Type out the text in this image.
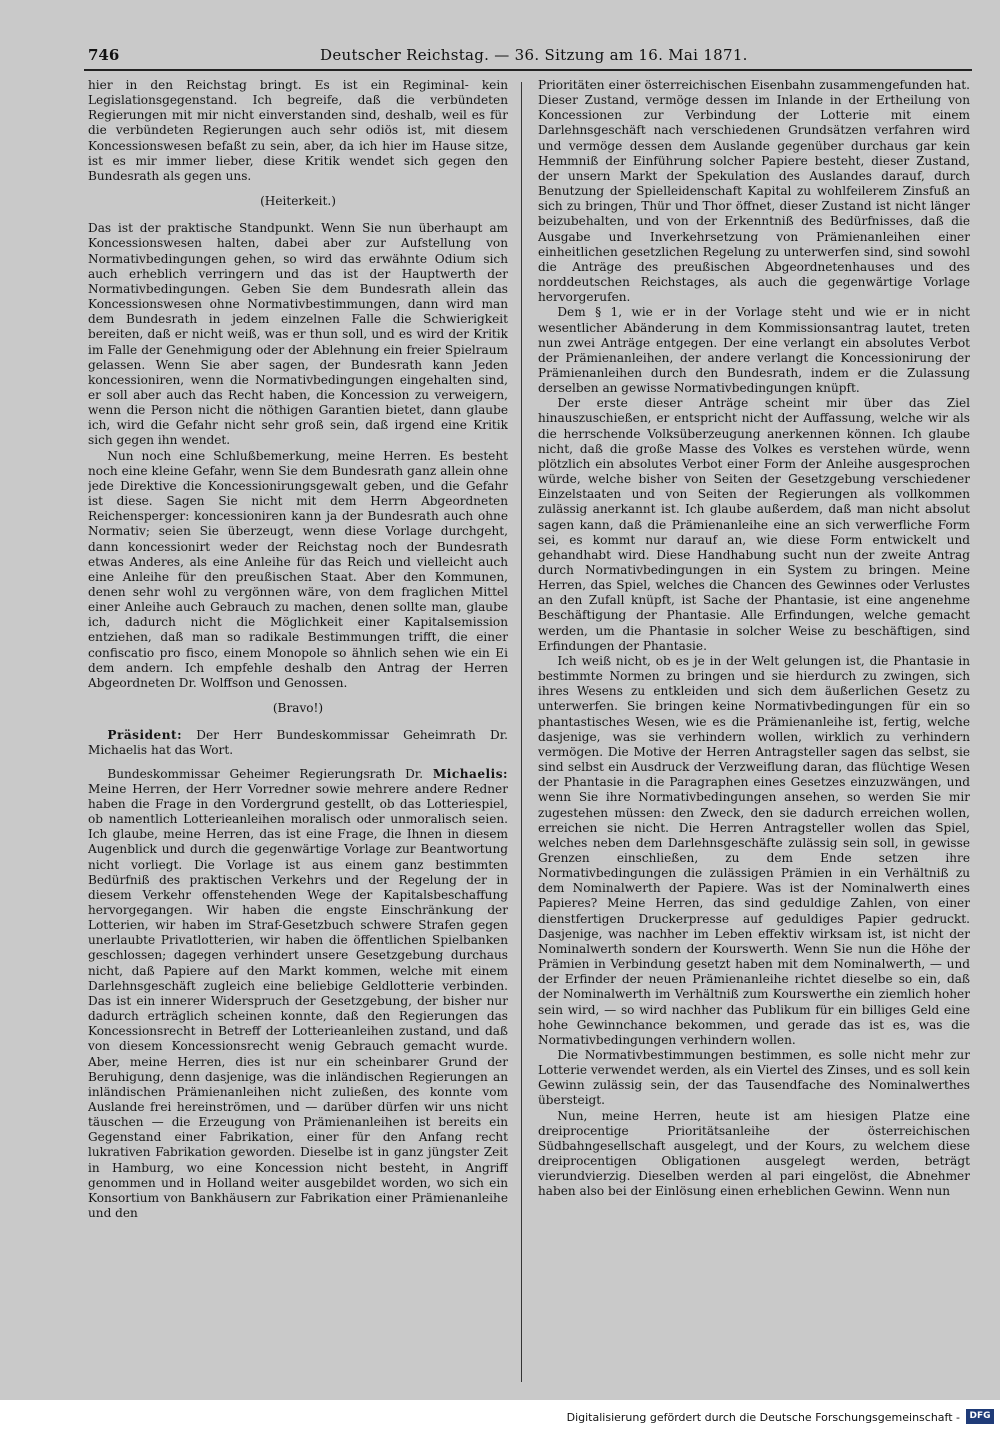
746	Deutscher Reichstag. — 36. Sitzung am 16. Mai 1871.

hier in den Reichstag bringt. Es ist ein Regiminal- kein Legislationsgegenstand. Ich begreife, daß die verbündeten Regierungen mit mir nicht einverstanden sind, deshalb, weil es für die verbündeten Regierungen auch sehr odiös ist, mit diesem Koncessionswesen befaßt zu sein, aber, da ich hier im Hause sitze, ist es mir immer lieber, diese Kritik wendet sich gegen den Bundesrath als gegen uns.

(Heiterkeit.)

Das ist der praktische Standpunkt. Wenn Sie nun überhaupt am Koncessionswesen halten, dabei aber zur Aufstellung von Normativbedingungen gehen, so wird das erwähnte Odium sich auch erheblich verringern und das ist der Hauptwerth der Normativbedingungen. Geben Sie dem Bundesrath allein das Koncessionswesen ohne Normativbestimmungen, dann wird man dem Bundesrath in jedem einzelnen Falle die Schwierigkeit bereiten, daß er nicht weiß, was er thun soll, und es wird der Kritik im Falle der Genehmigung oder der Ablehnung ein freier Spielraum gelassen. Wenn Sie aber sagen, der Bundesrath kann Jeden koncessioniren, wenn die Normativbedingungen eingehalten sind, er soll aber auch das Recht haben, die Koncession zu verweigern, wenn die Person nicht die nöthigen Garantien bietet, dann glaube ich, wird die Gefahr nicht sehr groß sein, daß irgend eine Kritik sich gegen ihn wendet.

Nun noch eine Schlußbemerkung, meine Herren. Es besteht noch eine kleine Gefahr, wenn Sie dem Bundesrath ganz allein ohne jede Direktive die Koncessionirungsgewalt geben, und die Gefahr ist diese. Sagen Sie nicht mit dem Herrn Abgeordneten Reichensperger: koncessioniren kann ja der Bundesrath auch ohne Normativ; seien Sie überzeugt, wenn diese Vorlage durchgeht, dann koncessionirt weder der Reichstag noch der Bundesrath etwas Anderes, als eine Anleihe für das Reich und vielleicht auch eine Anleihe für den preußischen Staat. Aber den Kommunen, denen sehr wohl zu vergönnen wäre, von dem fraglichen Mittel einer Anleihe auch Gebrauch zu machen, denen sollte man, glaube ich, dadurch nicht die Möglichkeit einer Kapitalsemission entziehen, daß man so radikale Bestimmungen trifft, die einer confiscatio pro fisco, einem Monopole so ähnlich sehen wie ein Ei dem andern. Ich empfehle deshalb den Antrag der Herren Abgeordneten Dr. Wolffson und Genossen.

(Bravo!)

Präsident: Der Herr Bundeskommissar Geheimrath Dr. Michaelis hat das Wort.

Bundeskommissar Geheimer Regierungsrath Dr. Michaelis: Meine Herren, der Herr Vorredner sowie mehrere andere Redner haben die Frage in den Vordergrund gestellt, ob das Lotteriespiel, ob namentlich Lotterieanleihen moralisch oder unmoralisch seien. Ich glaube, meine Herren, das ist eine Frage, die Ihnen in diesem Augenblick und durch die gegenwärtige Vorlage zur Beantwortung nicht vorliegt. Die Vorlage ist aus einem ganz bestimmten Bedürfniß des praktischen Verkehrs und der Regelung der in diesem Verkehr offenstehenden Wege der Kapitalsbeschaffung hervorgegangen. Wir haben die engste Einschränkung der Lotterien, wir haben im Straf-Gesetzbuch schwere Strafen gegen unerlaubte Privatlotterien, wir haben die öffentlichen Spielbanken geschlossen; dagegen verhindert unsere Gesetzgebung durchaus nicht, daß Papiere auf den Markt kommen, welche mit einem Darlehnsgeschäft zugleich eine beliebige Geldlotterie verbinden. Das ist ein innerer Widerspruch der Gesetzgebung, der bisher nur dadurch erträglich scheinen konnte, daß den Regierungen das Koncessionsrecht in Betreff der Lotterieanleihen zustand, und daß von diesem Koncessionsrecht wenig Gebrauch gemacht wurde. Aber, meine Herren, dies ist nur ein scheinbarer Grund der Beruhigung, denn dasjenige, was die inländischen Regierungen an inländischen Prämienanleihen nicht zuließen, des konnte vom Auslande frei hereinströmen, und — darüber dürfen wir uns nicht täuschen — die Erzeugung von Prämienanleihen ist bereits ein Gegenstand einer Fabrikation, einer für den Anfang recht lukrativen Fabrikation geworden. Dieselbe ist in ganz jüngster Zeit in Hamburg, wo eine Koncession nicht besteht, in Angriff genommen und in Holland weiter ausgebildet worden, wo sich ein Konsortium von Bankhäusern zur Fabrikation einer Prämienanleihe und den

Prioritäten einer österreichischen Eisenbahn zusammengefunden hat. Dieser Zustand, vermöge dessen im Inlande in der Ertheilung von Koncessionen zur Verbindung der Lotterie mit einem Darlehnsgeschäft nach verschiedenen Grundsätzen verfahren wird und vermöge dessen dem Auslande gegenüber durchaus gar kein Hemmniß der Einführung solcher Papiere besteht, dieser Zustand, der unsern Markt der Spekulation des Auslandes darauf, durch Benutzung der Spielleidenschaft Kapital zu wohlfeilerem Zinsfuß an sich zu bringen, Thür und Thor öffnet, dieser Zustand ist nicht länger beizubehalten, und von der Erkenntniß des Bedürfnisses, daß die Ausgabe und Inverkehrsetzung von Prämienanleihen einer einheitlichen gesetzlichen Regelung zu unterwerfen sind, sind sowohl die Anträge des preußischen Abgeordnetenhauses und des norddeutschen Reichstages, als auch die gegenwärtige Vorlage hervorgerufen.

Dem § 1, wie er in der Vorlage steht und wie er in nicht wesentlicher Abänderung in dem Kommissionsantrag lautet, treten nun zwei Anträge entgegen. Der eine verlangt ein absolutes Verbot der Prämienanleihen, der andere verlangt die Koncessionirung der Prämienanleihen durch den Bundesrath, indem er die Zulassung derselben an gewisse Normativbedingungen knüpft.

Der erste dieser Anträge scheint mir über das Ziel hinauszuschießen, er entspricht nicht der Auffassung, welche wir als die herrschende Volksüberzeugung anerkennen können. Ich glaube nicht, daß die große Masse des Volkes es verstehen würde, wenn plötzlich ein absolutes Verbot einer Form der Anleihe ausgesprochen würde, welche bisher von Seiten der Gesetzgebung verschiedener Einzelstaaten und von Seiten der Regierungen als vollkommen zulässig anerkannt ist. Ich glaube außerdem, daß man nicht absolut sagen kann, daß die Prämienanleihe eine an sich verwerfliche Form sei, es kommt nur darauf an, wie diese Form entwickelt und gehandhabt wird. Diese Handhabung sucht nun der zweite Antrag durch Normativbedingungen in ein System zu bringen. Meine Herren, das Spiel, welches die Chancen des Gewinnes oder Verlustes an den Zufall knüpft, ist Sache der Phantasie, ist eine angenehme Beschäftigung der Phantasie. Alle Erfindungen, welche gemacht werden, um die Phantasie in solcher Weise zu beschäftigen, sind Erfindungen der Phantasie.

Ich weiß nicht, ob es je in der Welt gelungen ist, die Phantasie in bestimmte Normen zu bringen und sie hierdurch zu zwingen, sich ihres Wesens zu entkleiden und sich dem äußerlichen Gesetz zu unterwerfen. Sie bringen keine Normativbedingungen für ein so phantastisches Wesen, wie es die Prämienanleihe ist, fertig, welche dasjenige, was sie verhindern wollen, wirklich zu verhindern vermögen. Die Motive der Herren Antragsteller sagen das selbst, sie sind selbst ein Ausdruck der Verzweiflung daran, das flüchtige Wesen der Phantasie in die Paragraphen eines Gesetzes einzuzwängen, und wenn Sie ihre Normativbedingungen ansehen, so werden Sie mir zugestehen müssen: den Zweck, den sie dadurch erreichen wollen, erreichen sie nicht. Die Herren Antragsteller wollen das Spiel, welches neben dem Darlehnsgeschäfte zulässig sein soll, in gewisse Grenzen einschließen, zu dem Ende setzen ihre Normativbedingungen die zulässigen Prämien in ein Verhältniß zu dem Nominalwerth der Papiere. Was ist der Nominalwerth eines Papieres? Meine Herren, das sind geduldige Zahlen, von einer dienstfertigen Druckerpresse auf geduldiges Papier gedruckt. Dasjenige, was nachher im Leben effektiv wirksam ist, ist nicht der Nominalwerth sondern der Kourswerth. Wenn Sie nun die Höhe der Prämien in Verbindung gesetzt haben mit dem Nominalwerth, — und der Erfinder der neuen Prämienanleihe richtet dieselbe so ein, daß der Nominalwerth im Verhältniß zum Kourswerthe ein ziemlich hoher sein wird, — so wird nachher das Publikum für ein billiges Geld eine hohe Gewinnchance bekommen, und gerade das ist es, was die Normativbedingungen verhindern wollen.

Die Normativbestimmungen bestimmen, es solle nicht mehr zur Lotterie verwendet werden, als ein Viertel des Zinses, und es soll kein Gewinn zulässig sein, der das Tausendfache des Nominalwerthes übersteigt.

Nun, meine Herren, heute ist am hiesigen Platze eine dreiprocentige Prioritätsanleihe der österreichischen Südbahngesellschaft ausgelegt, und der Kours, zu welchem diese dreiprocentigen Obligationen ausgelegt werden, beträgt vierundvierzig. Dieselben werden al pari eingelöst, die Abnehmer haben also bei der Einlösung einen erheblichen Gewinn. Wenn nun

Digitalisierung gefördert durch die Deutsche Forschungsgemeinschaft -	DFG
